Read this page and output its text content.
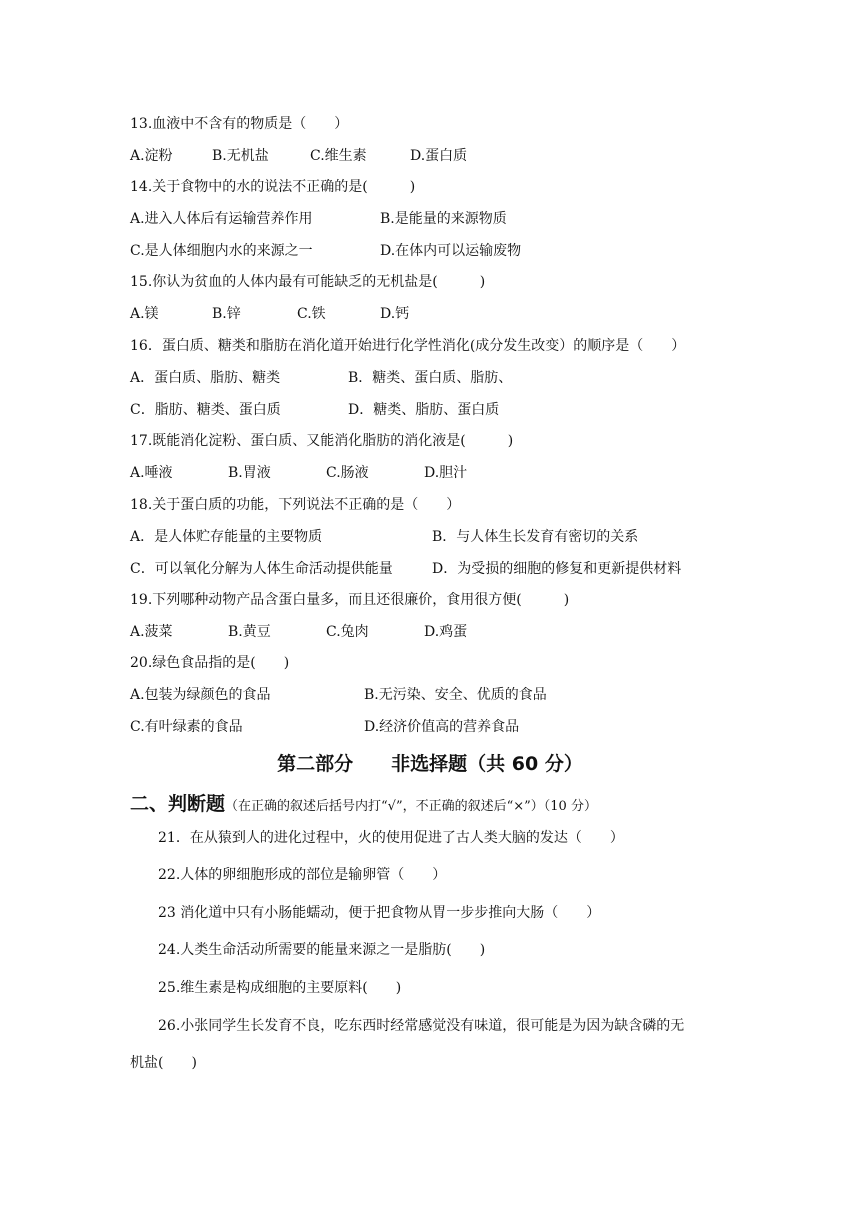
13.血液中不含有的物质是（　　）
A.淀粉	B.无机盐	C.维生素	D.蛋白质
14.关于食物中的水的说法不正确的是(　　　)
A.进入人体后有运输营养作用	B.是能量的来源物质
C.是人体细胞内水的来源之一	D.在体内可以运输废物
15.你认为贫血的人体内最有可能缺乏的无机盐是(　　　)
A.镁	B.锌	C.铁	D.钙
16．蛋白质、糖类和脂肪在消化道开始进行化学性消化(成分发生改变）的顺序是（　　）
A．蛋白质、脂肪、糖类	B．糖类、蛋白质、脂肪、
C．脂肪、糖类、蛋白质	D．糖类、脂肪、蛋白质
17.既能消化淀粉、蛋白质、又能消化脂肪的消化液是(　　　)
A.唾液	B.胃液	C.肠液	D.胆汁
18.关于蛋白质的功能，下列说法不正确的是（　　）
A．是人体贮存能量的主要物质	B．与人体生长发育有密切的关系
C．可以氧化分解为人体生命活动提供能量	D．为受损的细胞的修复和更新提供材料
19.下列哪种动物产品含蛋白量多，而且还很廉价，食用很方便(　　　)
A.菠菜	B.黄豆	C.兔肉	D.鸡蛋
20.绿色食品指的是(　　)
A.包装为绿颜色的食品	B.无污染、安全、优质的食品
C.有叶绿素的食品	D.经济价值高的营养食品
第二部分　　非选择题（共 60 分）
二、判断题（在正确的叙述后括号内打“√”，不正确的叙述后“×”）（10 分）
21．在从猿到人的进化过程中，火的使用促进了古人类大脑的发达（　　）
22.人体的卵细胞形成的部位是输卵管（　　）
23 消化道中只有小肠能蠕动，便于把食物从胃一步步推向大肠（　　）
24.人类生命活动所需要的能量来源之一是脂肪(　　)
25.维生素是构成细胞的主要原料(　　)
26.小张同学生长发育不良，吃东西时经常感觉没有味道，很可能是为因为缺含磷的无
机盐(　　)
